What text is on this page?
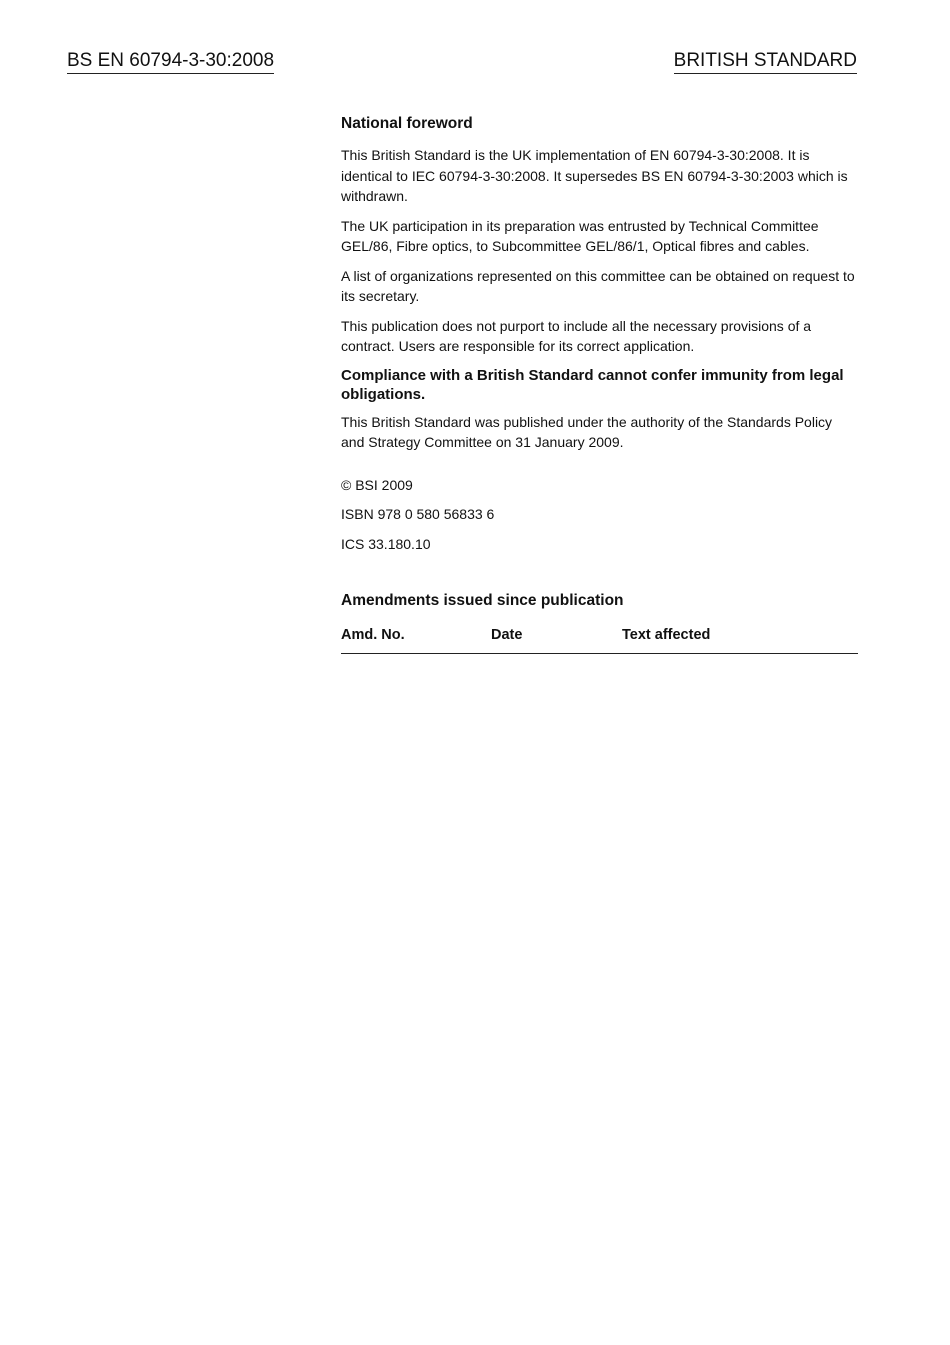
BS EN 60794-3-30:2008	BRITISH STANDARD

National foreword

This British Standard is the UK implementation of EN 60794-3-30:2008. It is identical to IEC 60794-3-30:2008. It supersedes BS EN 60794-3-30:2003 which is withdrawn.

The UK participation in its preparation was entrusted by Technical Committee GEL/86, Fibre optics, to Subcommittee GEL/86/1, Optical fibres and cables.

A list of organizations represented on this committee can be obtained on request to its secretary.

This publication does not purport to include all the necessary provisions of a contract. Users are responsible for its correct application.

Compliance with a British Standard cannot confer immunity from legal obligations.

This British Standard was published under the authority of the Standards Policy and Strategy Committee on 31 January 2009.

© BSI 2009

ISBN 978 0 580 56833 6

ICS 33.180.10

Amendments issued since publication

Amd. No.	Date	Text affected
